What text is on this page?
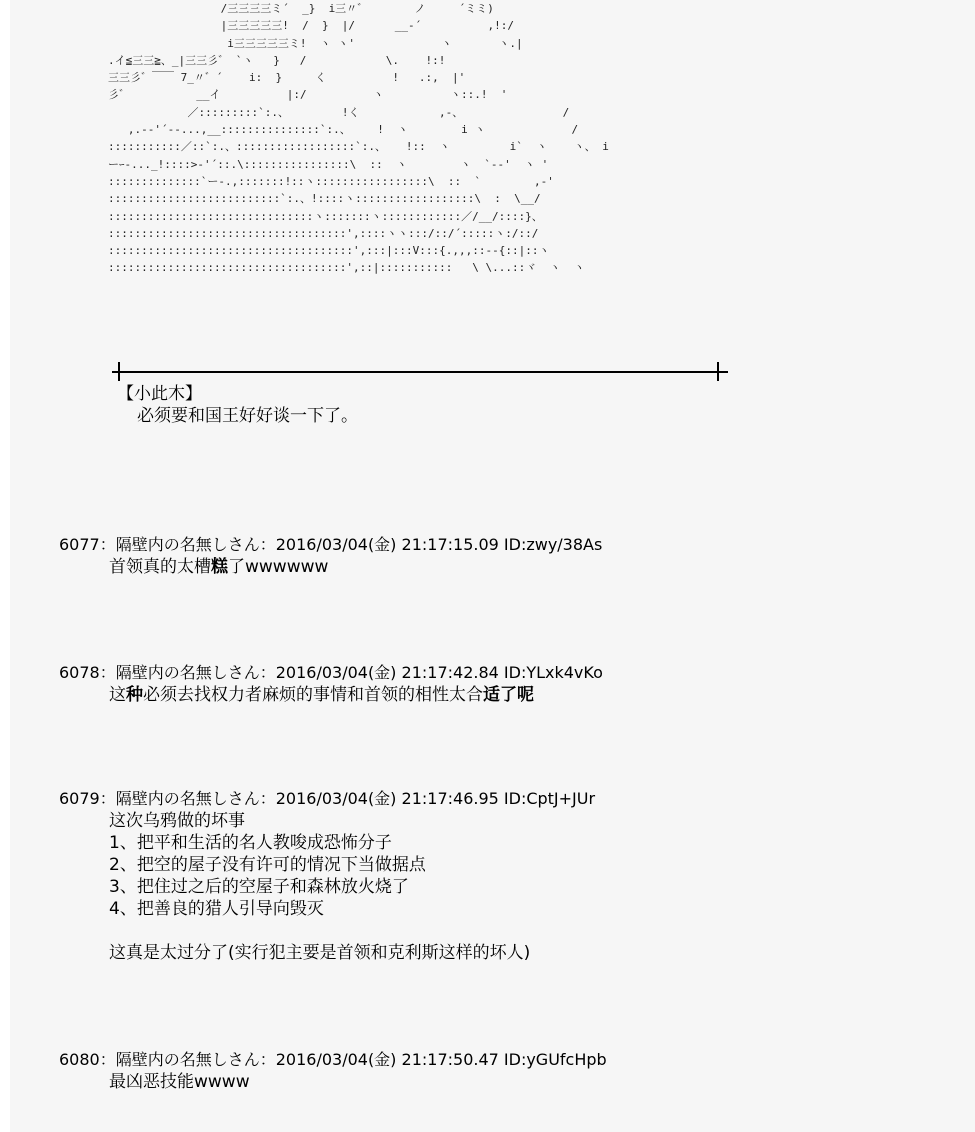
/三三三三ミ´  _}  i三〃゛       ノ     ´ミミ)
|三三三三三!  /  }  |/      __‐´          ,!:/
i三三三三三ミ!  ヽ ヽ'             ヽ       ヽ.|
.イ≦三三≧、_|三三彡゛ `ヽ   }   /            \.    !:!
三三彡゛￣￣ 7_〃゛´    i:  }     く          !   .:,  |'
彡゛          __イ          |:/          ヽ          ヽ::.!  '
／:::::::::`:.、        !く            ,-、               /
,.-‐'´‐-...,__:::::::::::::::`:.、    !  ヽ        i ヽ             /
:::::::::::／::`:.、::::::::::::::::::`:.、   !::  ヽ         i`  ヽ    ヽ、 i
ーｰ-..._!::::>‐'´::.\::::::::::::::::\  ::  ヽ        ヽ  `-‐'  ヽ '
::::::::::::::`ー-.,:::::::!::ヽ:::::::::::::::::\  ::  `        ,-'
::::::::::::::::::::::::::`:.、!::::ヽ::::::::::::::::::\  :  \__/
:::::::::::::::::::::::::::::::ヽ:::::::ヽ::::::::::::／/__/::::}、
::::::::::::::::::::::::::::::::::::',::::ヽヽ:::/::/´:::::ヽ:/::/
:::::::::::::::::::::::::::::::::::::',:::|:::V:::{.,,,::--{::|::ヽ
::::::::::::::::::::::::::::::::::::',::|:::::::::::   \ \...::ヾ  ヽ  ヽ
【小此木】
必须要和国王好好谈一下了。
6077：隔壁内の名無しさん：2016/03/04(金) 21:17:15.09 ID:zwy/38As
首领真的太槽糕了wwwwww
6078：隔壁内の名無しさん：2016/03/04(金) 21:17:42.84 ID:YLxk4vKo
这种必须去找权力者麻烦的事情和首领的相性太合适了呢
6079：隔壁内の名無しさん：2016/03/04(金) 21:17:46.95 ID:CptJ+JUr
这次乌鸦做的坏事
1、把平和生活的名人教唆成恐怖分子
2、把空的屋子没有许可的情况下当做据点
3、把住过之后的空屋子和森林放火烧了
4、把善良的猎人引导向毁灭
这真是太过分了(实行犯主要是首领和克利斯这样的坏人)
6080：隔壁内の名無しさん：2016/03/04(金) 21:17:50.47 ID:yGUfcHpb
最凶恶技能wwww
